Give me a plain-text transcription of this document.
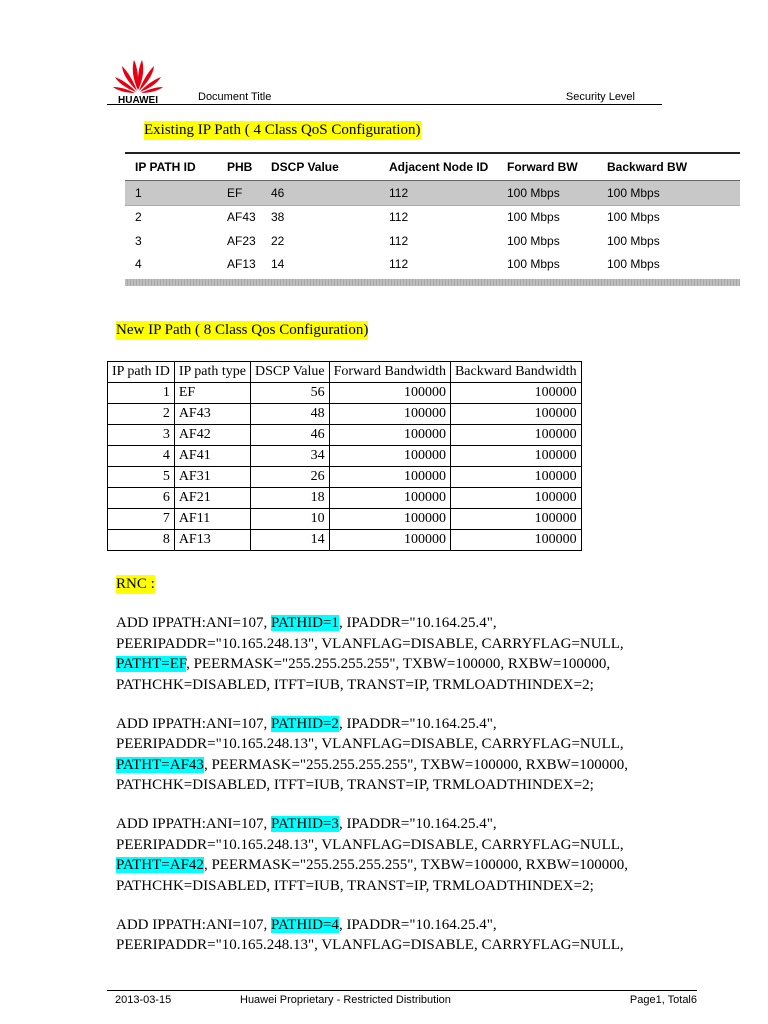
HUAWEI	Document Title	Security Level
Existing IP Path ( 4 Class QoS Configuration)
IP PATH ID	PHB	DSCP Value	Adjacent Node ID	Forward BW	Backward BW
1	EF	46	112	100 Mbps	100 Mbps
2	AF43	38	112	100 Mbps	100 Mbps
3	AF23	22	112	100 Mbps	100 Mbps
4	AF13	14	112	100 Mbps	100 Mbps
New IP Path ( 8 Class Qos Configuration)
IP path ID	IP path type	DSCP Value	Forward Bandwidth	Backward Bandwidth
1	EF	56	100000	100000
2	AF43	48	100000	100000
3	AF42	46	100000	100000
4	AF41	34	100000	100000
5	AF31	26	100000	100000
6	AF21	18	100000	100000
7	AF11	10	100000	100000
8	AF13	14	100000	100000
RNC :
ADD IPPATH:ANI=107, PATHID=1, IPADDR="10.164.25.4",
PEERIPADDR="10.165.248.13", VLANFLAG=DISABLE, CARRYFLAG=NULL,
PATHT=EF, PEERMASK="255.255.255.255", TXBW=100000, RXBW=100000,
PATHCHK=DISABLED, ITFT=IUB, TRANST=IP, TRMLOADTHINDEX=2;
ADD IPPATH:ANI=107, PATHID=2, IPADDR="10.164.25.4",
PEERIPADDR="10.165.248.13", VLANFLAG=DISABLE, CARRYFLAG=NULL,
PATHT=AF43, PEERMASK="255.255.255.255", TXBW=100000, RXBW=100000,
PATHCHK=DISABLED, ITFT=IUB, TRANST=IP, TRMLOADTHINDEX=2;
ADD IPPATH:ANI=107, PATHID=3, IPADDR="10.164.25.4",
PEERIPADDR="10.165.248.13", VLANFLAG=DISABLE, CARRYFLAG=NULL,
PATHT=AF42, PEERMASK="255.255.255.255", TXBW=100000, RXBW=100000,
PATHCHK=DISABLED, ITFT=IUB, TRANST=IP, TRMLOADTHINDEX=2;
ADD IPPATH:ANI=107, PATHID=4, IPADDR="10.164.25.4",
PEERIPADDR="10.165.248.13", VLANFLAG=DISABLE, CARRYFLAG=NULL,
2013-03-15	Huawei Proprietary - Restricted Distribution	Page1, Total6
